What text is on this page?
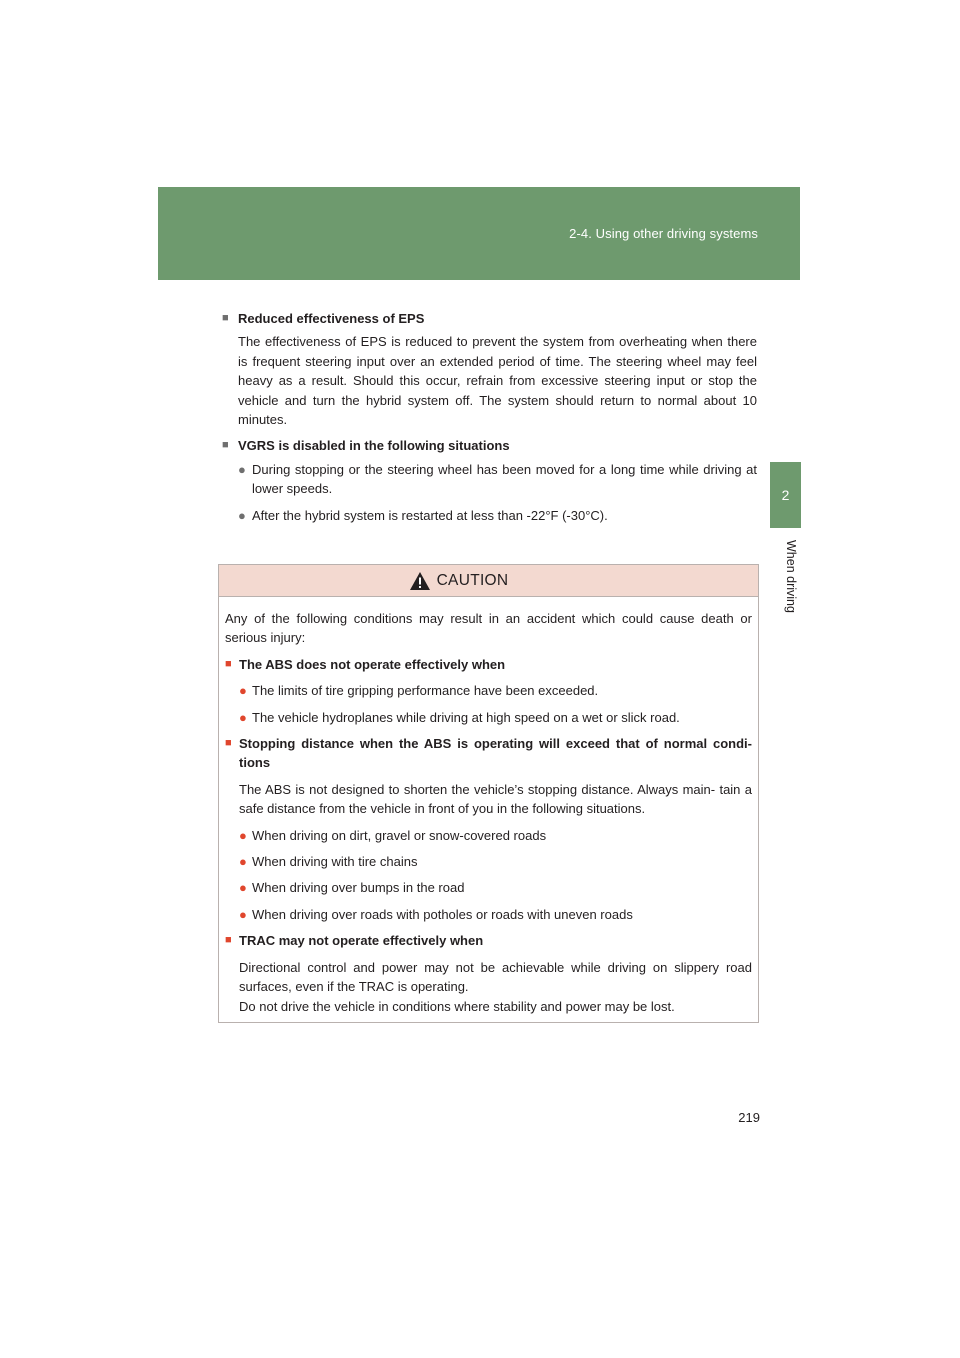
2-4. Using other driving systems
2
When driving
■ Reduced effectiveness of EPS
The effectiveness of EPS is reduced to prevent the system from overheating when there is frequent steering input over an extended period of time. The steering wheel may feel heavy as a result. Should this occur, refrain from excessive steering input or stop the vehicle and turn the hybrid system off. The system should return to normal about 10 minutes.
■ VGRS is disabled in the following situations
● During stopping or the steering wheel has been moved for a long time while driving at lower speeds.
● After the hybrid system is restarted at less than -22°F (-30°C).
CAUTION
Any of the following conditions may result in an accident which could cause death or serious injury:
■ The ABS does not operate effectively when
● The limits of tire gripping performance have been exceeded.
● The vehicle hydroplanes while driving at high speed on a wet or slick road.
■ Stopping distance when the ABS is operating will exceed that of normal condi- tions
The ABS is not designed to shorten the vehicle’s stopping distance. Always main- tain a safe distance from the vehicle in front of you in the following situations.
● When driving on dirt, gravel or snow-covered roads
● When driving with tire chains
● When driving over bumps in the road
● When driving over roads with potholes or roads with uneven roads
■ TRAC may not operate effectively when
Directional control and power may not be achievable while driving on slippery road surfaces, even if the TRAC is operating.
Do not drive the vehicle in conditions where stability and power may be lost.
219
